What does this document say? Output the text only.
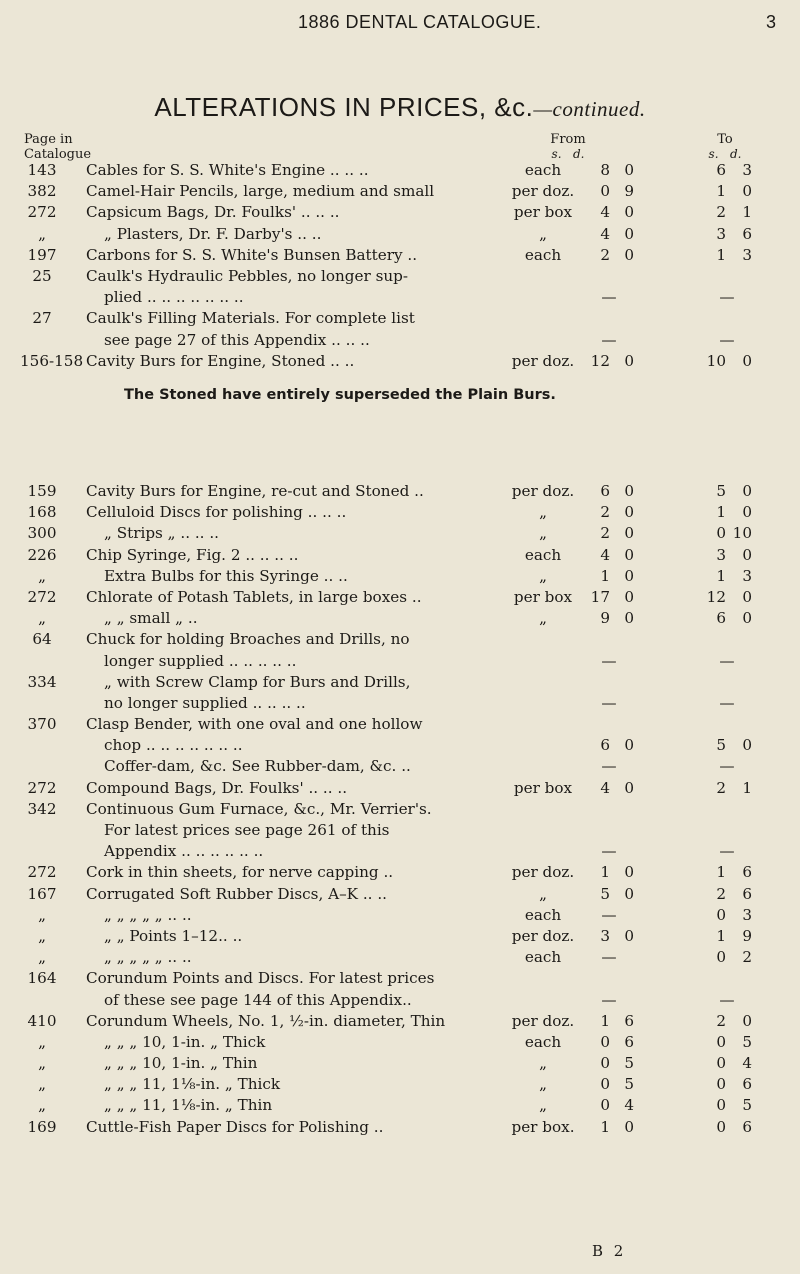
1886 DENTAL CATALOGUE.	3
ALTERATIONS IN PRICES, &c.—continued.
Page in
Catalogue
From
s. d.
To
s. d.
143	Cables for S. S. White's Engine .. .. ..	each	8 0	6	3
382	Camel-Hair Pencils, large, medium and small	per doz.	0 9	1	0
272	Capsicum Bags, Dr. Foulks' .. .. ..	per box	4 0	2	1
„	„ Plasters, Dr. F. Darby's .. ..	„	4 0	3	6
197	Carbons for S. S. White's Bunsen Battery ..	each	2 0	1	3
25	Caulk's Hydraulic Pebbles, no longer sup-
plied .. .. .. .. .. .. ..	—	—
27	Caulk's Filling Materials. For complete list
see page 27 of this Appendix .. .. ..	—	—
156-158 Cavity Burs for Engine, Stoned .. ..	per doz.	12 0	10	0
The Stoned have entirely superseded the Plain Burs.
159	Cavity Burs for Engine, re-cut and Stoned ..	per doz.	6 0	5	0
168	Celluloid Discs for polishing .. .. ..	„	2 0	1	0
300	„ Strips „ .. .. ..	„	2 0	0 10
226	Chip Syringe, Fig. 2 .. .. .. ..	each	4 0	3	0
„	Extra Bulbs for this Syringe .. ..	„	1 0	1	3
272	Chlorate of Potash Tablets, in large boxes ..	per box	17 0	12	0
„	„ „ small „ ..	„	9 0	6	0
64	Chuck for holding Broaches and Drills, no
longer supplied .. .. .. .. ..	—	—
334	„ with Screw Clamp for Burs and Drills,
no longer supplied .. .. .. ..	—	—
370	Clasp Bender, with one oval and one hollow
chop .. .. .. .. .. .. ..	6 0	5	0
Coffer-dam, &c. See Rubber-dam, &c. ..	—	—
272	Compound Bags, Dr. Foulks' .. .. ..	per box	4 0	2	1
342	Continuous Gum Furnace, &c., Mr. Verrier's.
For latest prices see page 261 of this
Appendix .. .. .. .. .. ..	—	—
272	Cork in thin sheets, for nerve capping ..	per doz.	1 0	1	6
167	Corrugated Soft Rubber Discs, A–K .. ..	„	5 0	2	6
„	„ „ „ „ „ .. ..	each	—	0	3
„	„ „ Points 1–12.. ..	per doz.	3 0	1	9
„	„ „ „ „ „ .. ..	each	—	0	2
164	Corundum Points and Discs. For latest prices
of these see page 144 of this Appendix..	—	—
410	Corundum Wheels, No. 1, ½-in. diameter, Thin	per doz.	1 6	2	0
„	„ „ „ 10, 1-in. „ Thick	each	0 6	0	5
„	„ „ „ 10, 1-in. „ Thin	„	0 5	0	4
„	„ „ „ 11, 1⅛-in. „ Thick	„	0 5	0	6
„	„ „ „ 11, 1⅛-in. „ Thin	„	0 4	0	5
169	Cuttle-Fish Paper Discs for Polishing ..	per box.	1 0	0	6
B 2
